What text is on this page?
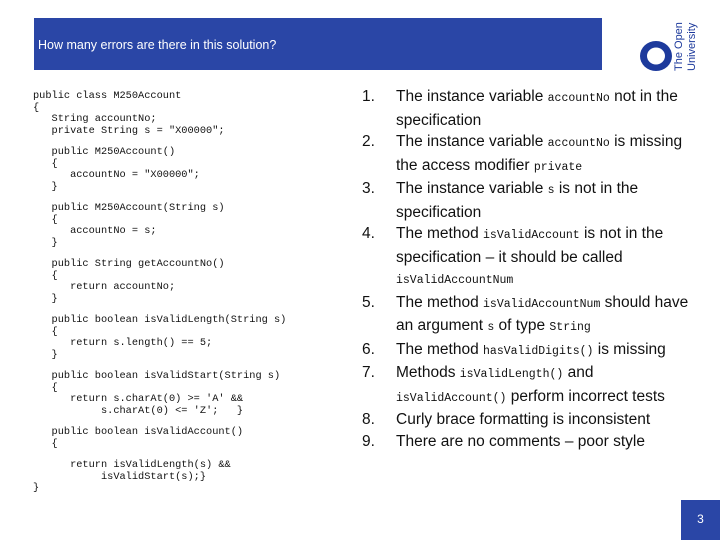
How many errors are there in this solution?	The Open University
public class M250Account
{
String accountNo;
private String s = "X00000";
public M250Account()
{
accountNo = "X00000";
}
public M250Account(String s)
{
accountNo = s;
}
public String getAccountNo()
{
return accountNo;
}
public boolean isValidLength(String s)
{
return s.length() == 5;
}
public boolean isValidStart(String s)
{
return s.charAt(0) >= 'A' &&
s.charAt(0) <= 'Z';   }
public boolean isValidAccount()
{
return isValidLength(s) &&
isValidStart(s);}
}
1. The instance variable accountNo not in the specification
2. The instance variable accountNo is missing the access modifier private
3. The instance variable s is not in the specification
4. The method isValidAccount is not in the specification – it should be called isValidAccountNum
5. The method isValidAccountNum should have an argument s of type String
6. The method hasValidDigits() is missing
7. Methods isValidLength() and isValidAccount() perform incorrect tests
8. Curly brace formatting is inconsistent
9. There are no comments – poor style
3
